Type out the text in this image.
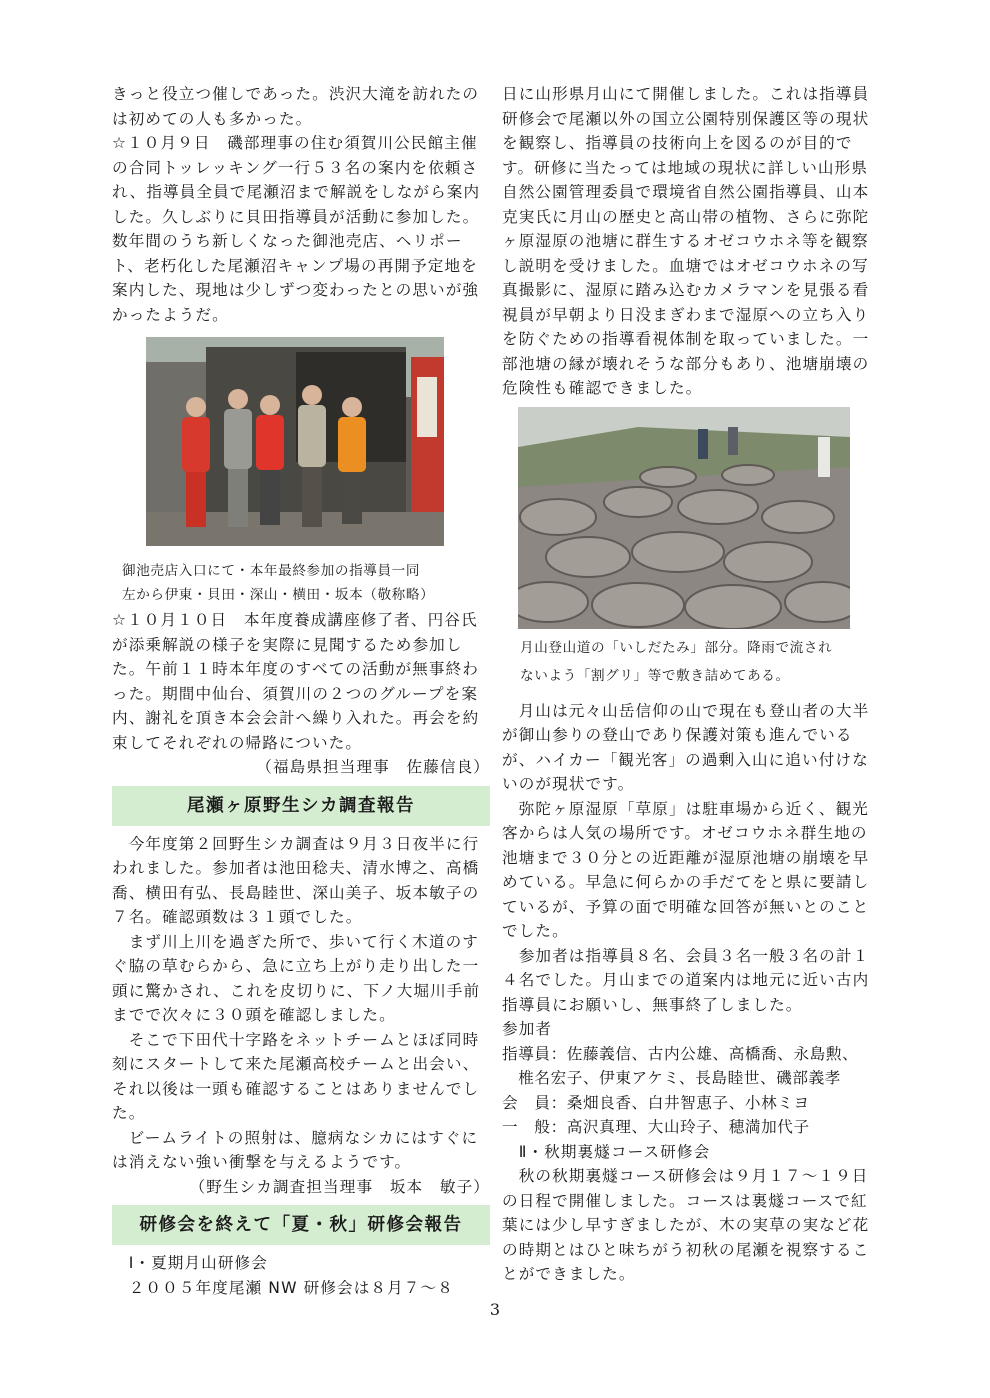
きっと役立つ催しであった。渋沢大滝を訪れたのは初めての人も多かった。

☆１０月９日　磯部理事の住む須賀川公民館主催の合同トッレッキング一行５３名の案内を依頼され、指導員全員で尾瀬沼まで解説をしながら案内した。久しぶりに貝田指導員が活動に参加した。数年間のうち新しくなった御池売店、ヘリポート、老朽化した尾瀬沼キャンプ場の再開予定地を案内した、現地は少しずつ変わったとの思いが強かったようだ。

御池売店入口にて・本年最終参加の指導員一同

左から伊東・貝田・深山・横田・坂本（敬称略）

☆１０月１０日　本年度養成講座修了者、円谷氏が添乗解説の様子を実際に見聞するため参加した。午前１１時本年度のすべての活動が無事終わった。期間中仙台、須賀川の２つのグループを案内、謝礼を頂き本会会計へ繰り入れた。再会を約束してそれぞれの帰路についた。

（福島県担当理事　佐藤信良）

尾瀬ヶ原野生シカ調査報告

　今年度第２回野生シカ調査は９月３日夜半に行われました。参加者は池田稔夫、清水博之、高橋喬、横田有弘、長島睦世、深山美子、坂本敏子の７名。確認頭数は３１頭でした。

　まず川上川を過ぎた所で、歩いて行く木道のすぐ脇の草むらから、急に立ち上がり走り出した一頭に驚かされ、これを皮切りに、下ノ大堀川手前までで次々に３０頭を確認しました。

　そこで下田代十字路をネットチームとほぼ同時刻にスタートして来た尾瀬高校チームと出会い、それ以後は一頭も確認することはありませんでした。

　ビームライトの照射は、臆病なシカにはすぐには消えない強い衝撃を与えるようです。

（野生シカ調査担当理事　坂本　敏子）

研修会を終えて「夏・秋」研修会報告

　Ⅰ・夏期月山研修会

　２００５年度尾瀬 NW 研修会は８月７～８

日に山形県月山にて開催しました。これは指導員研修会で尾瀬以外の国立公園特別保護区等の現状を観察し、指導員の技術向上を図るのが目的です。研修に当たっては地域の現状に詳しい山形県自然公園管理委員で環境省自然公園指導員、山本克実氏に月山の歴史と高山帯の植物、さらに弥陀ヶ原湿原の池塘に群生するオゼコウホネ等を観察し説明を受けました。血塘ではオゼコウホネの写真撮影に、湿原に踏み込むカメラマンを見張る看視員が早朝より日没まぎわまで湿原への立ち入りを防ぐための指導看視体制を取っていました。一部池塘の縁が壊れそうな部分もあり、池塘崩壊の危険性も確認できました。

月山登山道の「いしだたみ」部分。降雨で流され

ないよう「割グリ」等で敷き詰めてある。

　月山は元々山岳信仰の山で現在も登山者の大半が御山参りの登山であり保護対策も進んでいるが、ハイカー「観光客」の過剰入山に追い付けないのが現状です。

　弥陀ヶ原湿原「草原」は駐車場から近く、観光客からは人気の場所です。オゼコウホネ群生地の池塘まで３０分との近距離が湿原池塘の崩壊を早めている。早急に何らかの手だてをと県に要請しているが、予算の面で明確な回答が無いとのことでした。

　参加者は指導員８名、会員３名一般３名の計１４名でした。月山までの道案内は地元に近い古内指導員にお願いし、無事終了しました。

参加者

指導員：佐藤義信、古内公雄、高橋喬、永島勲、

　椎名宏子、伊東アケミ、長島睦世、磯部義孝

会　員：桑畑良香、白井智恵子、小林ミヨ

一　般：高沢真理、大山玲子、穂満加代子

　Ⅱ・秋期裏燧コース研修会

　秋の秋期裏燧コース研修会は９月１７～１９日の日程で開催しました。コースは裏燧コースで紅葉には少し早すぎましたが、木の実草の実など花の時期とはひと味ちがう初秋の尾瀬を視察することができました。

3
